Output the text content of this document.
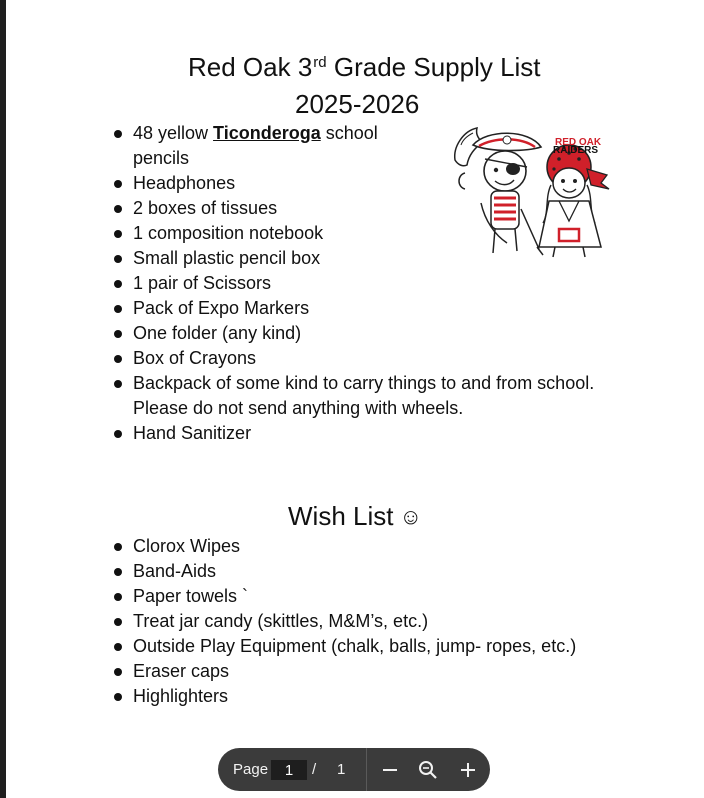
Red Oak 3rd Grade Supply List
2025-2026
48 yellow Ticonderoga school
pencils
Headphones
2 boxes of tissues
1 composition notebook
Small plastic pencil box
1 pair of Scissors
Pack of Expo Markers
One folder (any kind)
Box of Crayons
Backpack of some kind to carry things to and from school.
Please do not send anything with wheels.
Hand Sanitizer
RED OAK
RAIDERS
Wish List ☺
Clorox Wipes
Band-Aids
Paper towels `
Treat jar candy (skittles, M&M’s, etc.)
Outside Play Equipment (chalk, balls, jump- ropes, etc.)
Eraser caps
Highlighters
Page
1	/ 1
